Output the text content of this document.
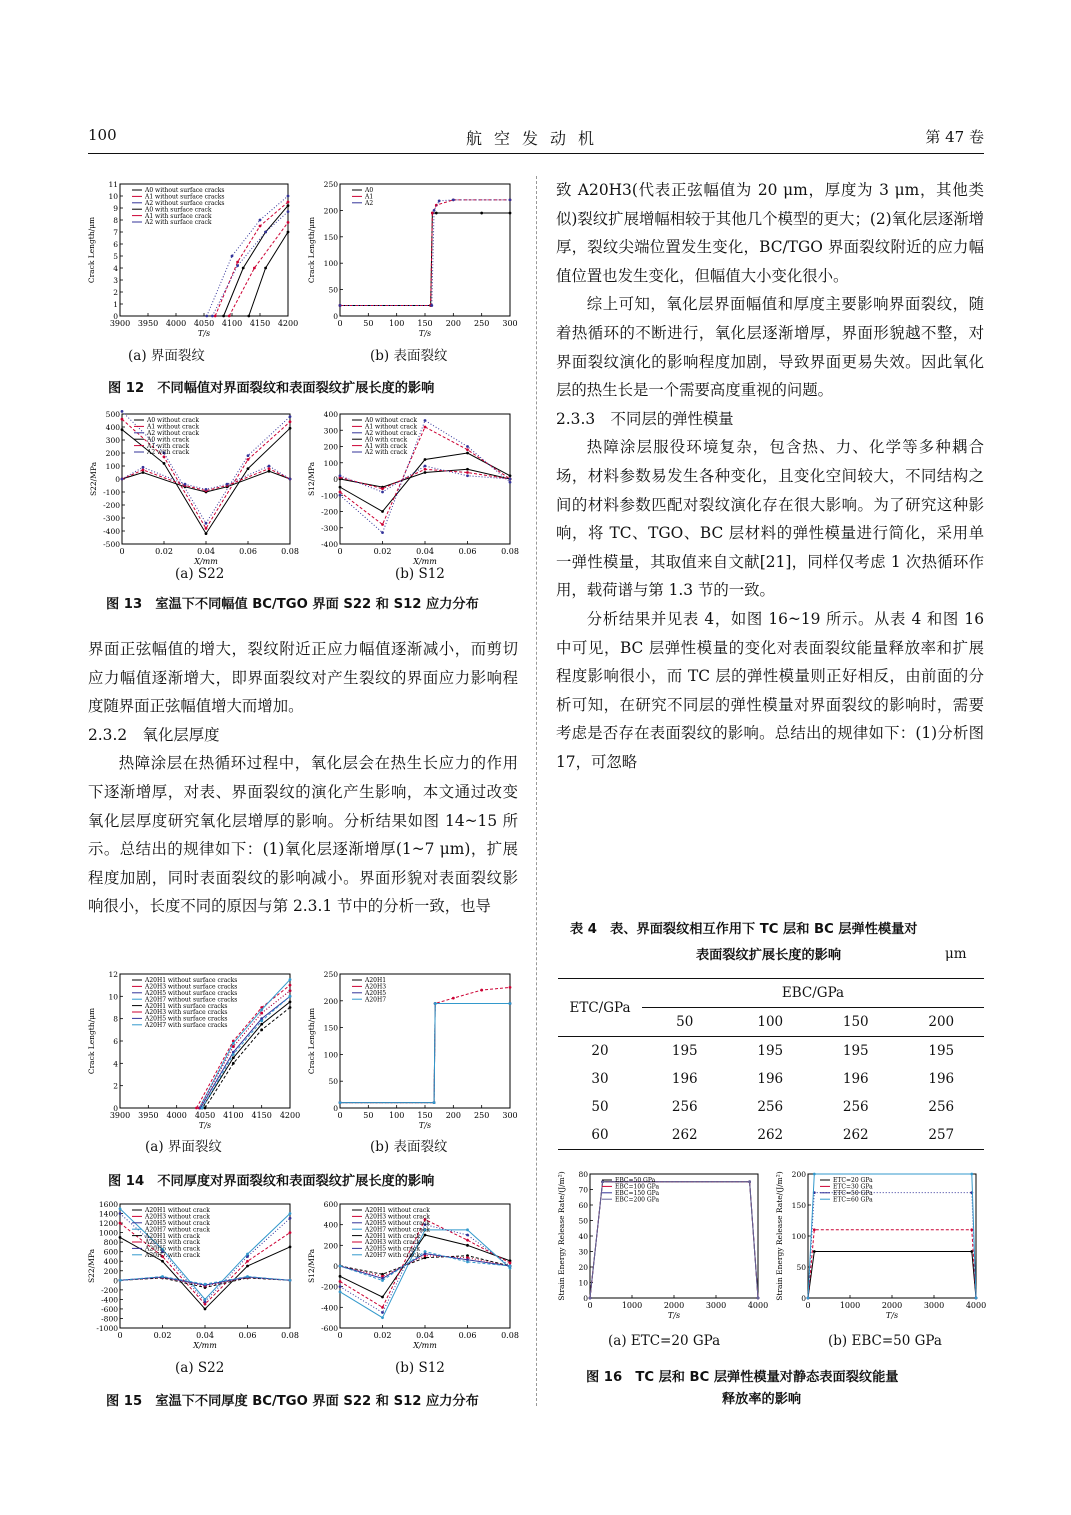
100	航空发动机	第 47 卷
3900 3950 4000 4050 4100 4150 4200
0
1
2
3
4
5
6
7
8
9
10
11
T/s
Crack Length/μm
A0 without surface cracks
A1 without surface cracks
A2 without surface cracks
A0 with surface crack
A1 with surface crack
A2 with surface crack
0	50 100 150 200 250 300
0
50
100
150
200
250
T/s
Crack Length/μm
A0
A1
A2
(a) 界面裂纹	(b) 表面裂纹
图 12　不同幅值对界面裂纹和表面裂纹扩展长度的影响
0	0.02	0.04	0.06	0.08
500
400
300
200
100
0
-100
-200
-300
-400
-500
X/mm
S22/MPa
A0 without crack
A1 without crack
A2 without crack
A0 with crack
A1 with crack
A2 with crack
0	0.02	0.04	0.06	0.08
400
300
200
100
0
-100
-200
-300
-400
X/mm
S12/MPa
A0 without crack
A1 without crack
A2 without crack
A0 with crack
A1 with crack
A2 with crack
(a) S22	(b) S12
图 13　室温下不同幅值 BC/TGO 界面 S22 和 S12 应力分布

界面正弦幅值的增大，裂纹附近正应力幅值逐渐减小，而剪切应力幅值逐渐增大，即界面裂纹对产生裂纹的界面应力影响程度随界面正弦幅值增大而增加。

2.3.2　氧化层厚度

热障涂层在热循环过程中，氧化层会在热生长应力的作用下逐渐增厚，对表、界面裂纹的演化产生影响，本文通过改变氧化层厚度研究氧化层增厚的影响。分析结果如图 14~15 所示。总结出的规律如下：(1)氧化层逐渐增厚(1~7 μm)，扩展程度加剧，同时表面裂纹的影响减小。界面形貌对表面裂纹影响很小，长度不同的原因与第 2.3.1 节中的分析一致，也导

3900 3950 4000 4050 4100 4150 4200
0
2
4
6
8
10
12
T/s
Crack Length/μm
A20H1 without surface cracks
A20H3 without surface cracks
A20H5 without surface cracks
A20H7 without surface cracks
A20H1 with surface cracks
A20H3 with surface cracks
A20H5 with surface cracks
A20H7 with surface cracks
0	50 100 150 200 250 300
0
50
100
150
200
250
T/s
Crack Length/μm
A20H1
A20H3
A20H5
A20H7
(a) 界面裂纹	(b) 表面裂纹
图 14　不同厚度对界面裂纹和表面裂纹扩展长度的影响
0	0.02	0.04	0.06	0.08
1600
1400
1200
1000
800
600
400
200
0
-200
-400
-600
-800
-1000
X/mm
S22/MPa
A20H1 without crack
A20H3 without crack
A20H5 without crack
A20H7 without crack
A20H1 with crack
A20H3 with crack
A20H5 with crack
A20H7 with crack
0	0.02	0.04	0.06	0.08
600
400
200
0
-200
-400
-600
X/mm
S12/MPa
A20H1 without crack
A20H3 without crack
A20H5 without crack
A20H7 without crack
A20H1 with crack
A20H3 with crack
A20H5 with crack
A20H7 with crack
(a) S22	(b) S12
图 15　室温下不同厚度 BC/TGO 界面 S22 和 S12 应力分布

致 A20H3(代表正弦幅值为 20 μm，厚度为 3 μm，其他类似)裂纹扩展增幅相较于其他几个模型的更大；(2)氧化层逐渐增厚，裂纹尖端位置发生变化，BC/TGO 界面裂纹附近的应力幅值位置也发生变化，但幅值大小变化很小。

综上可知，氧化层界面幅值和厚度主要影响界面裂纹，随着热循环的不断进行，氧化层逐渐增厚，界面形貌越不整，对界面裂纹演化的影响程度加剧，导致界面更易失效。因此氧化层的热生长是一个需要高度重视的问题。

2.3.3　不同层的弹性模量

热障涂层服役环境复杂，包含热、力、化学等多种耦合场，材料参数易发生各种变化，且变化空间较大，不同结构之间的材料参数匹配对裂纹演化存在很大影响。为了研究这种影响，将 TC、TGO、BC 层材料的弹性模量进行简化，采用单一弹性模量，其取值来自文献[21]，同样仅考虑 1 次热循环作用，载荷谱与第 1.3 节的一致。

分析结果并见表 4，如图 16~19 所示。从表 4 和图 16 中可见，BC 层弹性模量的变化对表面裂纹能量释放率和扩展程度影响很小，而 TC 层的弹性模量则正好相反，由前面的分析可知，在研究不同层的弹性模量对界面裂纹的影响时，需要考虑是否存在表面裂纹的影响。总结出的规律如下：(1)分析图 17，可忽略

表 4　表、界面裂纹相互作用下 TC 层和 BC 层弹性模量对
表面裂纹扩展长度的影响	μm
ETC/GPa	EBC/GPa			
	50	100	150	200
20	195	195	195	195
30	196	196	196	196
50	256	256	256	256
60	262	262	262	257
0	1000	2000	3000	4000
0
10
20
30
40
50
60
70
80
T/s
Strain Energy Release Rate/(J/m²)	EBC=50 GPa
EBC=100 GPa
EBC=150 GPa
EBC=200 GPa
0	1000	2000	3000	4000
0
50
100
150
200
T/s
Strain Energy Release Rate/(J/m²)	ETC=20 GPa
ETC=30 GPa
ETC=50 GPa
ETC=60 GPa
(a) ETC=20 GPa	(b) EBC=50 GPa
图 16　TC 层和 BC 层弹性模量对静态表面裂纹能量
释放率的影响
